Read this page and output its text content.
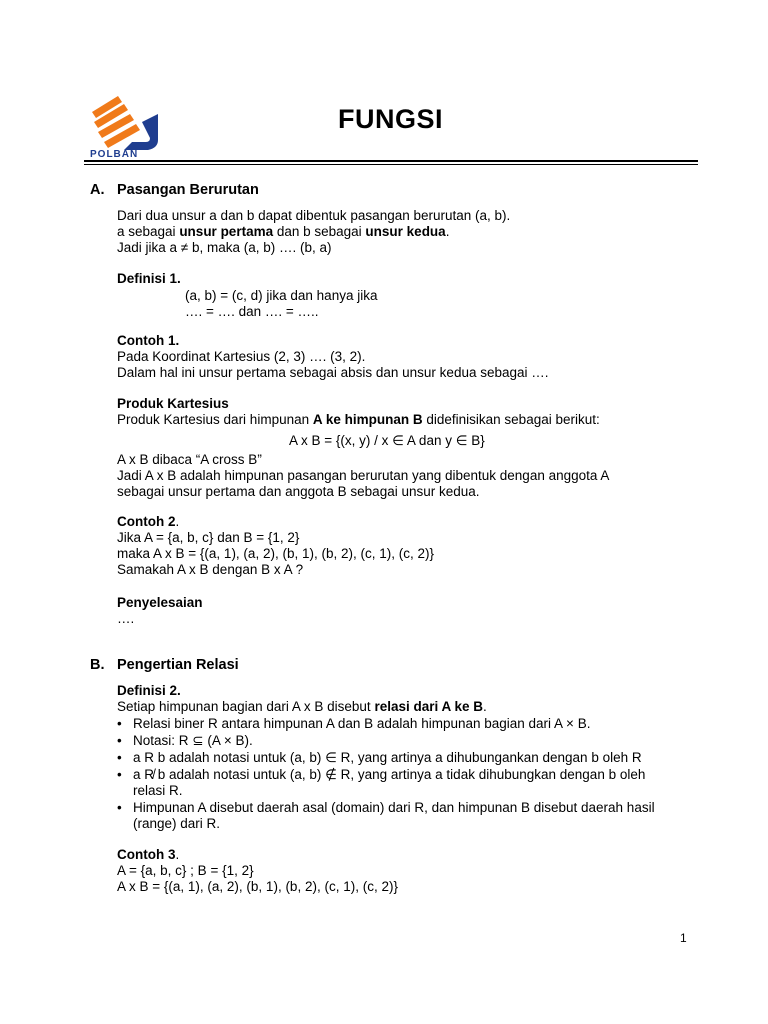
POLBAN
FUNGSI
A. Pasangan Berurutan
Dari dua unsur a dan b dapat dibentuk pasangan berurutan (a, b).
a sebagai unsur pertama dan b sebagai unsur kedua.
Jadi jika a ≠ b, maka (a, b) …. (b, a)
Definisi 1.
(a, b) = (c, d) jika dan hanya jika
…. = …. dan …. = …..
Contoh 1.
Pada Koordinat Kartesius (2, 3) …. (3, 2).
Dalam hal ini unsur pertama sebagai absis dan unsur kedua sebagai ….
Produk Kartesius
Produk Kartesius dari himpunan A ke himpunan B didefinisikan sebagai berikut:
A x B = {(x, y) / x ∈ A dan y ∈ B}
A x B dibaca “A cross B”
Jadi A x B adalah himpunan pasangan berurutan yang dibentuk dengan anggota A
sebagai unsur pertama dan anggota B sebagai unsur kedua.
Contoh 2.
Jika A = {a, b, c} dan B = {1, 2}
maka A x B = {(a, 1), (a, 2), (b, 1), (b, 2), (c, 1), (c, 2)}
Samakah A x B dengan B x A ?
Penyelesaian
….
B. Pengertian Relasi
Definisi 2.
Setiap himpunan bagian dari A x B disebut relasi dari A ke B.
• Relasi biner R antara himpunan A dan B adalah himpunan bagian dari A × B.
• Notasi: R ⊆ (A × B).
• a R b adalah notasi untuk (a, b) ∈ R, yang artinya a dihubungankan dengan b oleh R
• a R̸ b adalah notasi untuk (a, b) ∉ R, yang artinya a tidak dihubungkan dengan b oleh
relasi R.
• Himpunan A disebut daerah asal (domain) dari R, dan himpunan B disebut daerah hasil
(range) dari R.
Contoh 3.
A = {a, b, c} ; B = {1, 2}
A x B = {(a, 1), (a, 2), (b, 1), (b, 2), (c, 1), (c, 2)}
1
